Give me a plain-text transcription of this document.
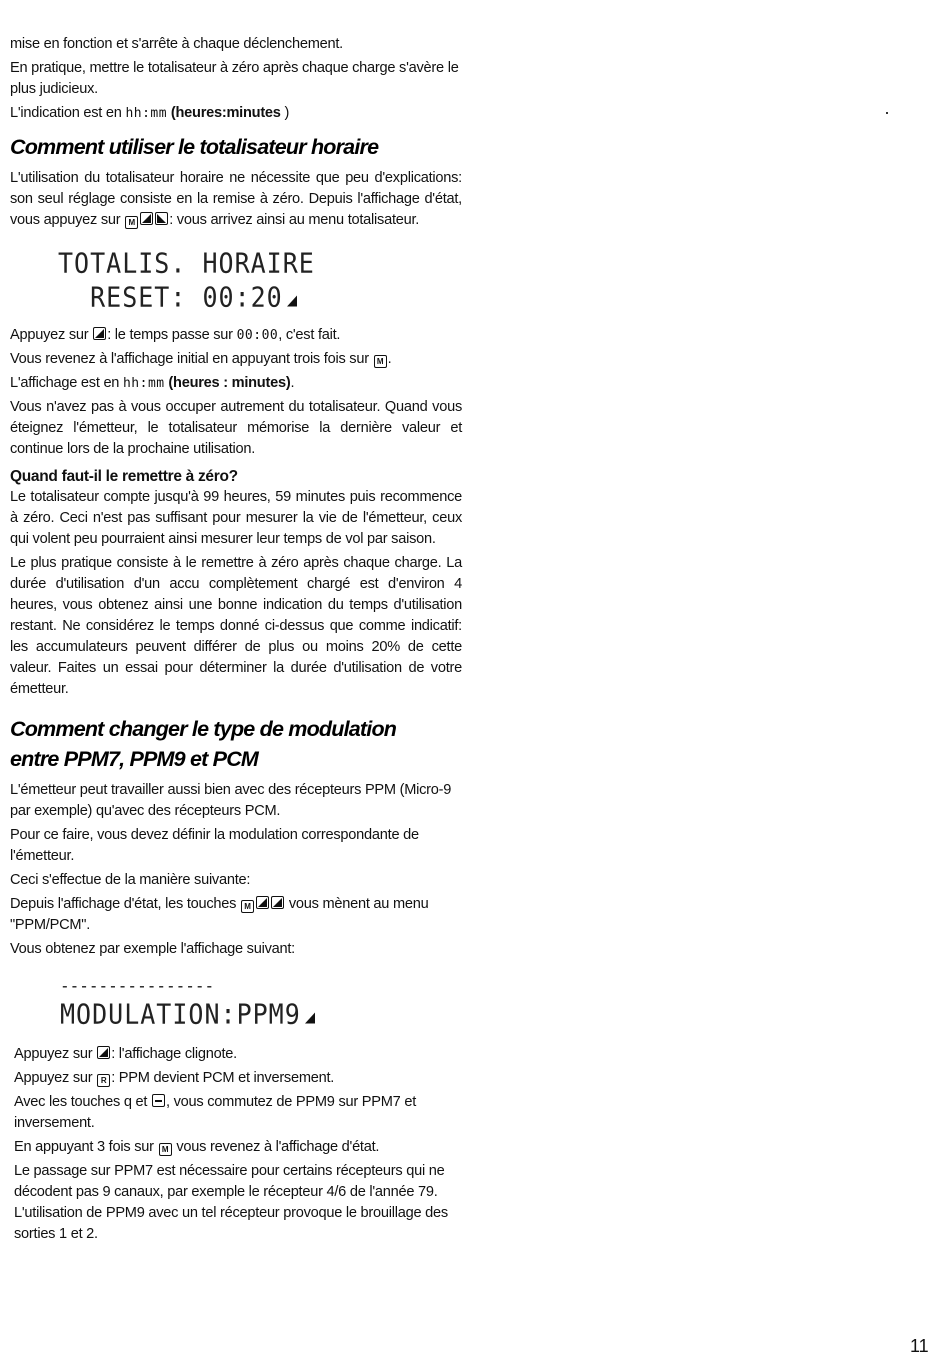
mise en fonction et s'arrête à chaque déclenchement.

En pratique, mettre le totalisateur à zéro après chaque charge s'avère le plus judicieux.

L'indication est en hh:mm (heures:minutes )

Comment utiliser le totalisateur horaire

L'utilisation du totalisateur horaire ne nécessite que peu d'explications: son seul réglage consiste en la remise à zéro. Depuis l'affichage d'état, vous appuyez sur M : vous arrivez ainsi au menu totalisateur.

TOTALIS. HORAIRE
RESET: 00:20

Appuyez sur : le temps passe sur 00:00, c'est fait.

Vous revenez à l'affichage initial en appuyant trois fois sur M .

L'affichage est en hh:mm (heures : minutes).

Vous n'avez pas à vous occuper autrement du totalisateur. Quand vous éteignez l'émetteur, le totalisateur mémorise la dernière valeur et continue lors de la prochaine utilisation.

Quand faut-il le remettre à zéro?

Le totalisateur compte jusqu'à 99 heures, 59 minutes puis recommence à zéro. Ceci n'est pas suffisant pour mesurer la vie de l'émetteur, ceux qui volent peu pourraient ainsi mesurer leur temps de vol par saison.

Le plus pratique consiste à le remettre à zéro après chaque charge. La durée d'utilisation d'un accu complètement chargé est d'environ 4 heures, vous obtenez ainsi une bonne indication du temps d'utilisation restant. Ne considérez le temps donné ci-dessus que comme indicatif: les accumulateurs peuvent différer de plus ou moins 20% de cette valeur. Faites un essai pour déterminer la durée d'utilisation de votre émetteur.

Comment changer le type de modulation
entre PPM7, PPM9 et PCM

L'émetteur peut travailler aussi bien avec des récepteurs PPM (Micro-9 par exemple) qu'avec des récepteurs PCM.

Pour ce faire, vous devez définir la modulation correspondante de l'émetteur.

Ceci s'effectue de la manière suivante:

Depuis l'affichage d'état, les touches M vous mènent au menu "PPM/PCM".

Vous obtenez par exemple l'affichage suivant:

----------------
MODULATION:PPM9

Appuyez sur : l'affichage clignote.

Appuyez sur R : PPM devient PCM et inversement.

Avec les touches q et , vous commutez de PPM9 sur PPM7 et inversement.

En appuyant 3 fois sur M vous revenez à l'affichage d'état.

Le passage sur PPM7 est nécessaire pour certains récepteurs qui ne décodent pas 9 canaux, par exemple le récepteur 4/6 de l'année 79. L'utilisation de PPM9 avec un tel récepteur provoque le brouillage des sorties 1 et 2.

11
